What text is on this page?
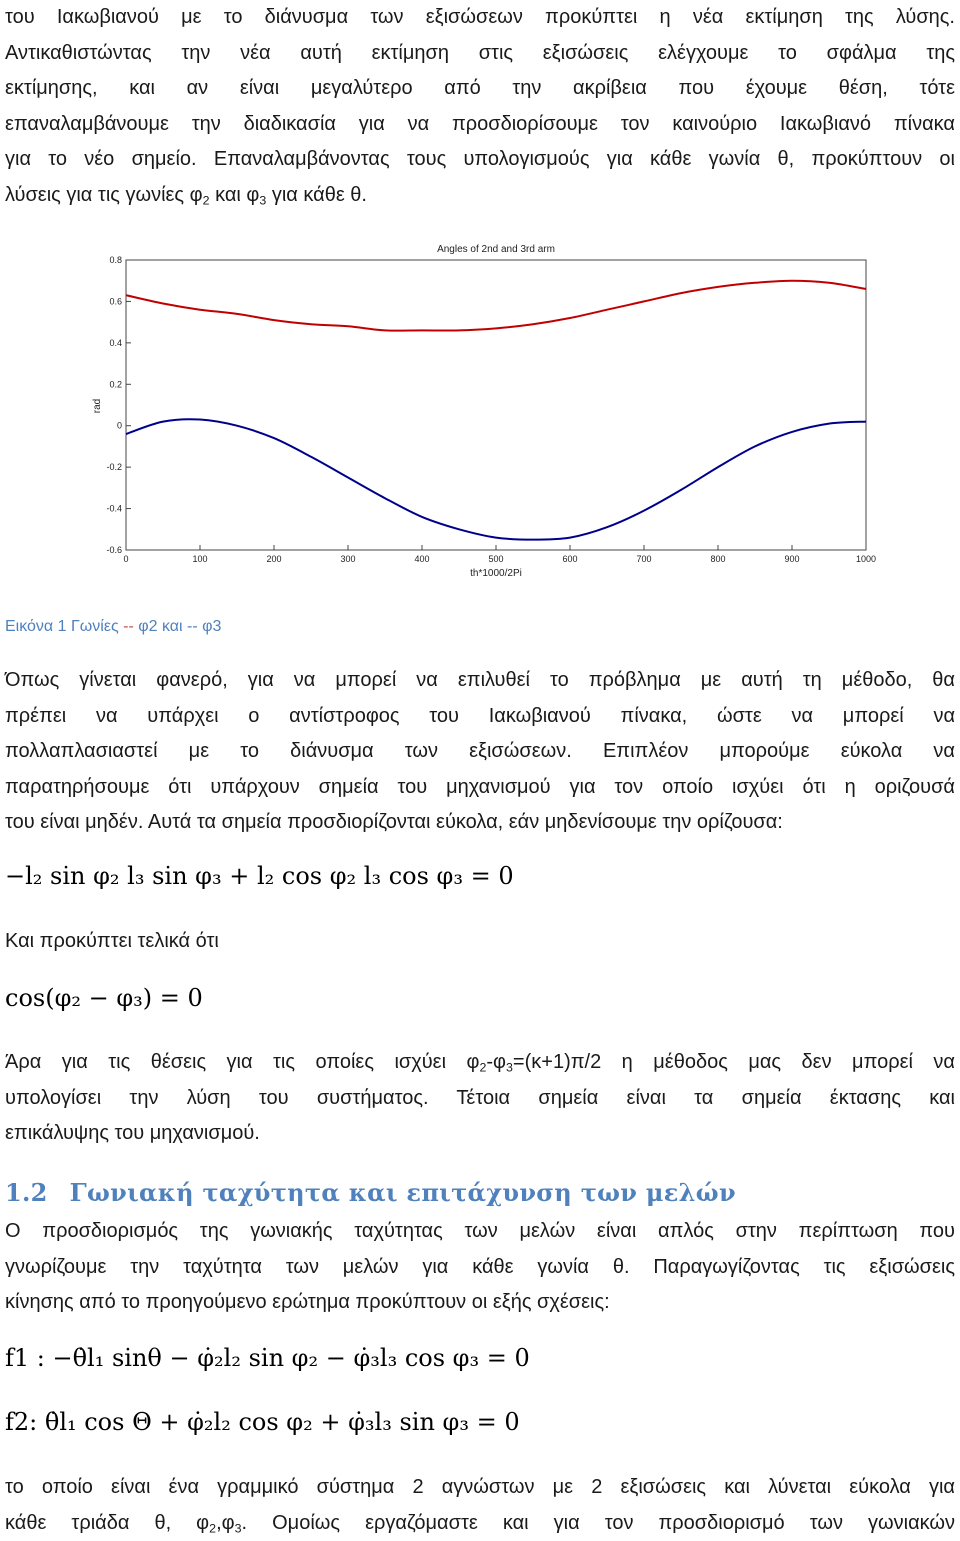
του Ιακωβιανού με το διάνυσμα των εξισώσεων προκύπτει η νέα εκτίμηση της λύσης.
Αντικαθιστώντας την νέα αυτή εκτίμηση στις εξισώσεις ελέγχουμε το σφάλμα της
εκτίμησης, και αν είναι μεγαλύτερο από την ακρίβεια που έχουμε θέση, τότε
επαναλαμβάνουμε την διαδικασία για να προσδιορίσουμε τον καινούριο Ιακωβιανό πίνακα
για το νέο σημείο. Επαναλαμβάνοντας τους υπολογισμούς για κάθε γωνία θ, προκύπτουν οι
λύσεις για τις γωνίες $\varphi_2$ και $\varphi_3$ για κάθε θ.
Angles of 2nd and 3rd arm
-0.6
-0.4
-0.2
0
0.2
0.4
0.6
0.8
0	100	200	300	400	500	600	700	800	900	1000
rad
th*1000/2Pi
Εικόνα 1 Γωνίες -- φ2 και -- φ3
Όπως γίνεται φανερό, για να μπορεί να επιλυθεί το πρόβλημα με αυτή τη μέθοδο, θα
πρέπει να υπάρχει ο αντίστροφος του Ιακωβιανού πίνακα, ώστε να μπορεί να
πολλαπλασιαστεί με το διάνυσμα των εξισώσεων. Επιπλέον μπορούμε εύκολα να
παρατηρήσουμε ότι υπάρχουν σημεία του μηχανισμού για τον οποίο ισχύει ότι η οριζουσά
του είναι μηδέν. Αυτά τα σημεία προσδιορίζονται εύκολα, εάν μηδενίσουμε την ορίζουσα:
−l₂ sin φ₂ l₃ sin φ₃ + l₂ cos φ₂ l₃ cos φ₃ = 0
Και προκύπτει τελικά ότι
cos(φ₂ − φ₃) = 0
Άρα για τις θέσεις για τις οποίες ισχύει $\varphi_2-\varphi_3=(\kappa+1)\pi/2$ η μέθοδος μας δεν μπορεί να
υπολογίσει την λύση του συστήματος. Τέτοια σημεία είναι τα σημεία έκτασης και
επικάλυψης του μηχανισμού.
1.2 Γωνιακή ταχύτητα και επιτάχυνση των μελών
Ο προσδιορισμός της γωνιακής ταχύτητας των μελών είναι απλός στην περίπτωση που
γνωρίζουμε την ταχύτητα των μελών για κάθε γωνία θ. Παραγωγίζοντας τις εξισώσεις
κίνησης από το προηγούμενο ερώτημα προκύπτουν οι εξής σχέσεις:
f1 : −θ̇l₁ sinθ − φ̇₂l₂ sin φ₂ − φ̇₃l₃ cos φ₃ = 0
f2: θ̇l₁ cos Θ + φ̇₂l₂ cos φ₂ + φ̇₃l₃ sin φ₃ = 0
το οποίο είναι ένα γραμμικό σύστημα 2 αγνώστων με 2 εξισώσεις και λύνεται εύκολα για
κάθε τριάδα θ, $\varphi_2,\varphi_3$. Ομοίως εργαζόμαστε και για τον προσδιορισμό των γωνιακών
